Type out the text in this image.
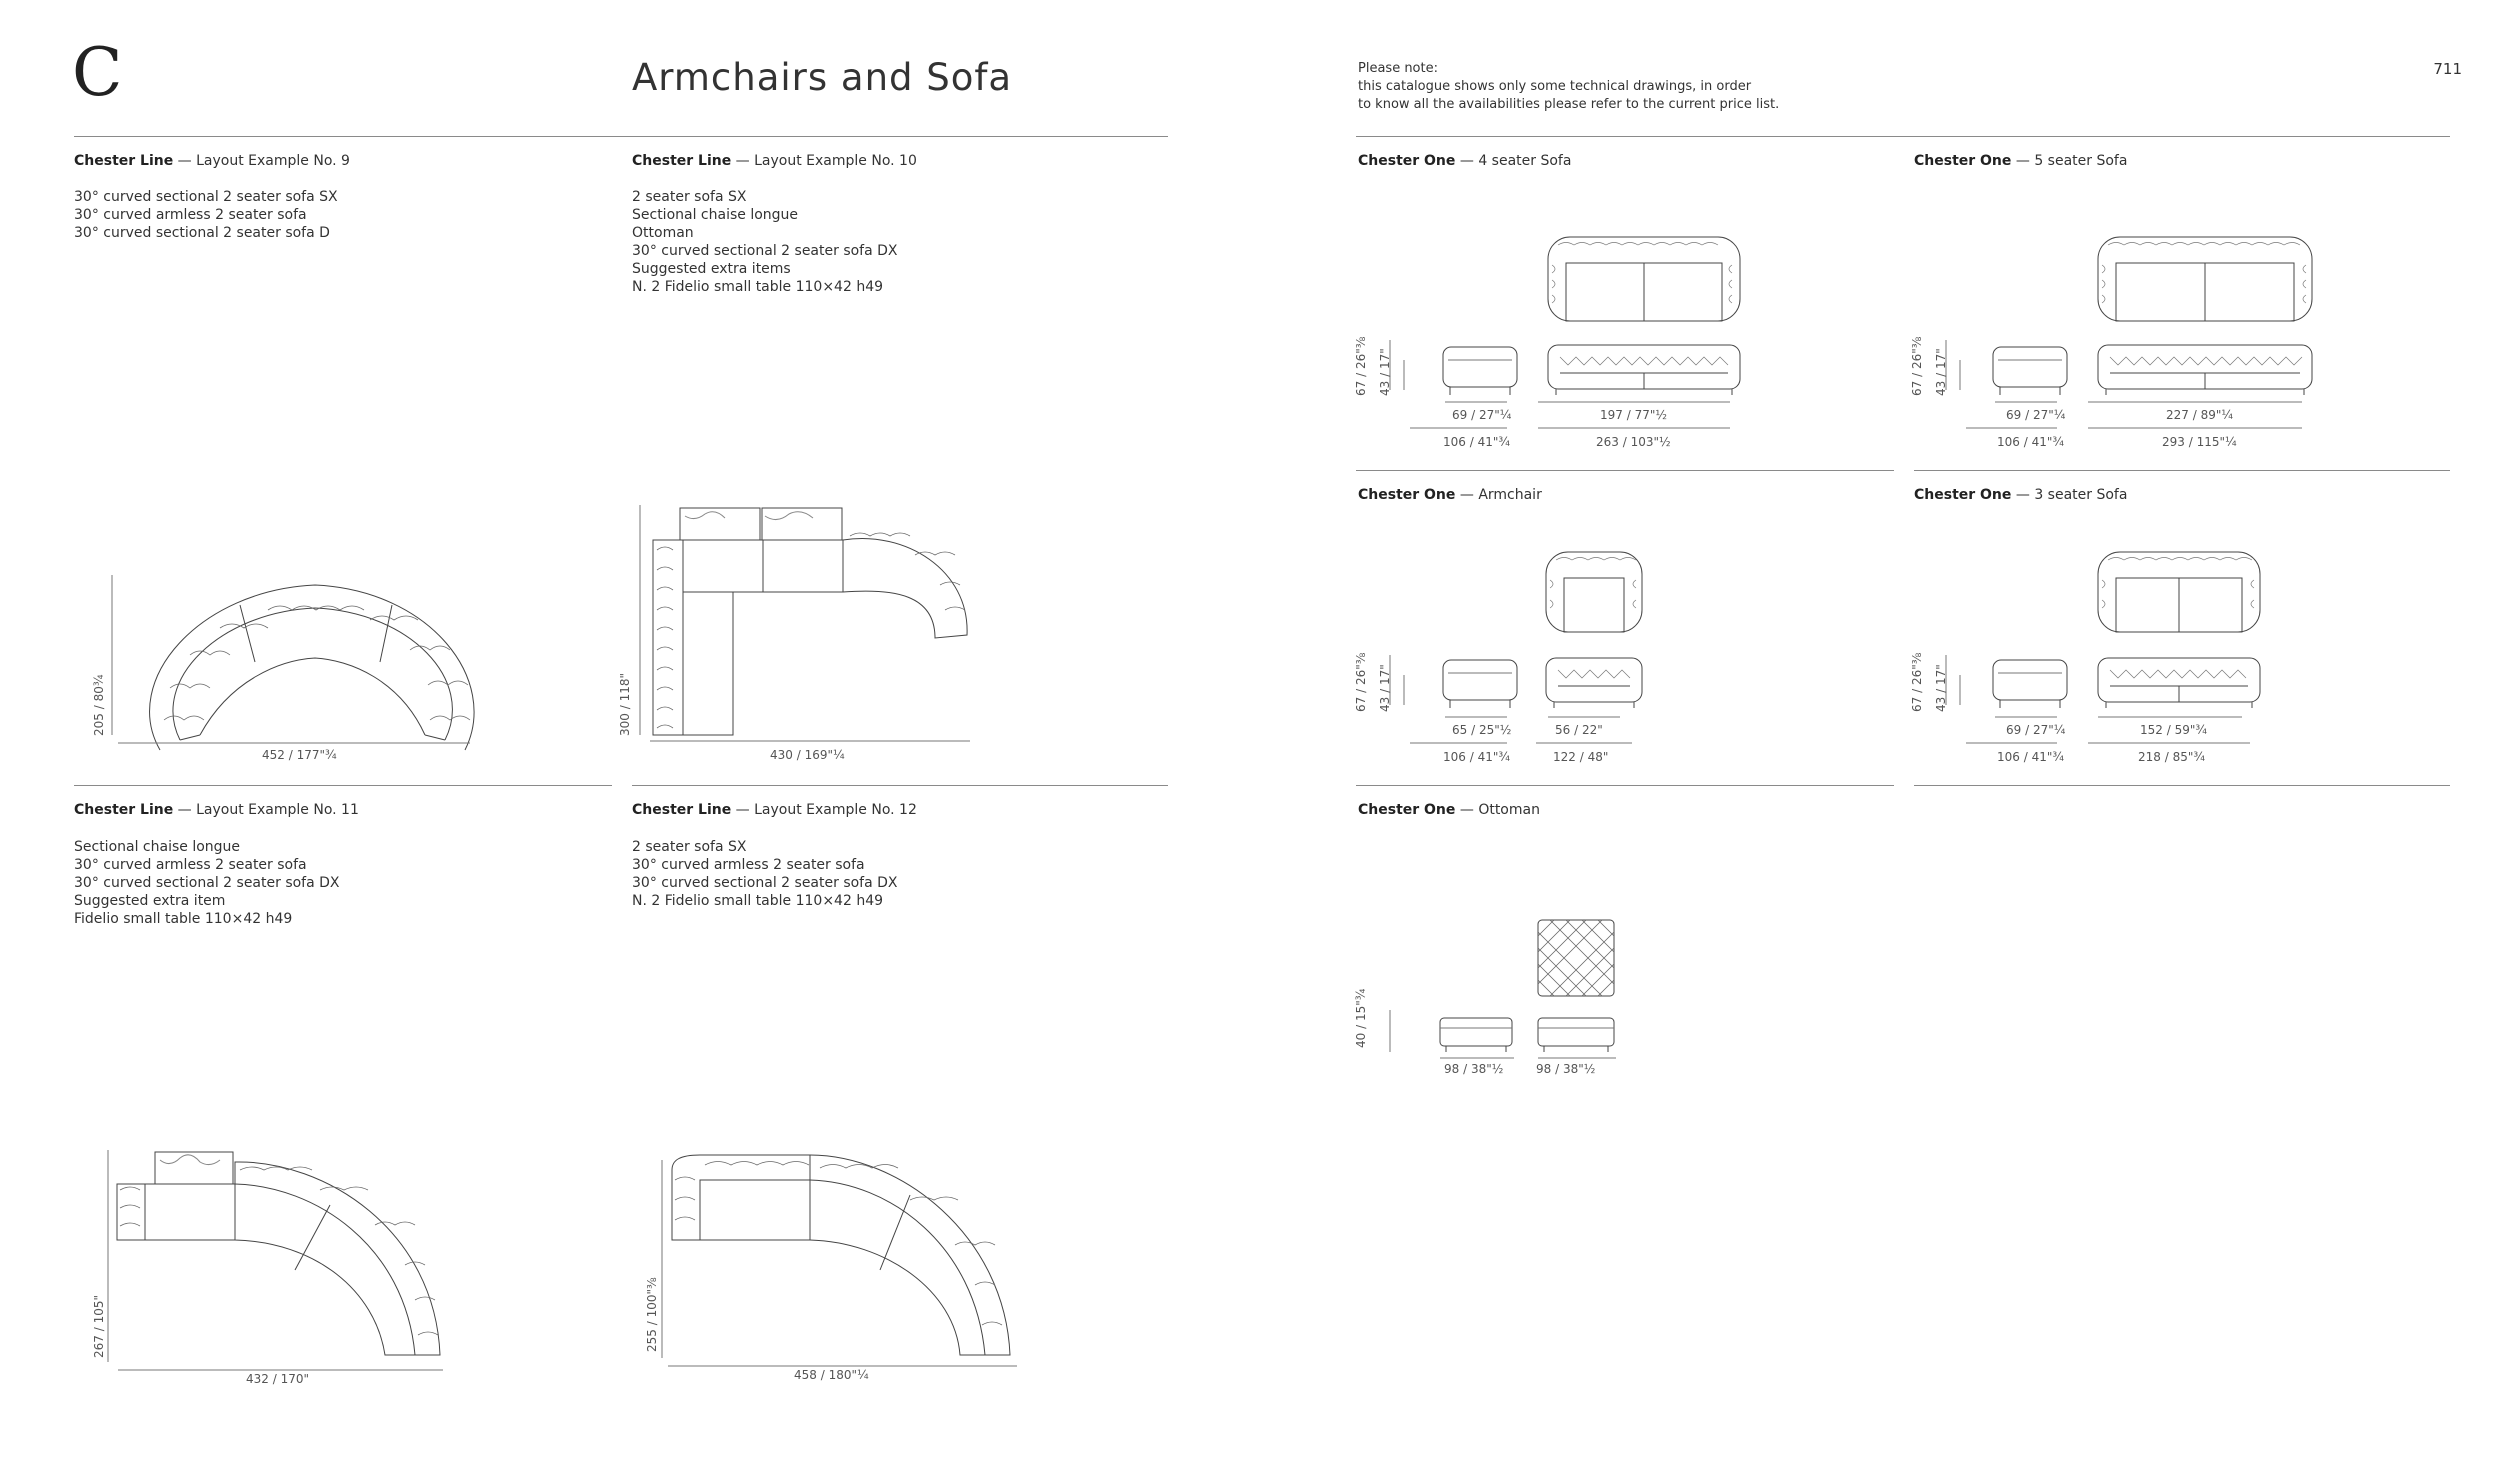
C	Armchairs and Sofa	711
Please note:
this catalogue shows only some technical drawings, in order
to know all the availabilities please refer to the current price list.
Chester Line — Layout Example No. 9
30° curved sectional 2 seater sofa SX
30° curved armless 2 seater sofa
30° curved sectional 2 seater sofa D
452 / 177"¾
205 / 80¾
Chester Line — Layout Example No. 10
2 seater sofa SX
Sectional chaise longue
Ottoman
30° curved sectional 2 seater sofa DX
Suggested extra items
N. 2 Fidelio small table 110×42 h49
430 / 169"¼
300 / 118"
Chester Line — Layout Example No. 11
Sectional chaise longue
30° curved armless 2 seater sofa
30° curved sectional 2 seater sofa DX
Suggested extra item
Fidelio small table 110×42 h49
432 / 170"
267 / 105"
Chester Line — Layout Example No. 12
2 seater sofa SX
30° curved armless 2 seater sofa
30° curved sectional 2 seater sofa DX
N. 2 Fidelio small table 110×42 h49
458 / 180"¼
255 / 100"⅜
Chester One — 4 seater Sofa
67 / 26"⅜ 43 / 17"
69 / 27"¼
106 / 41"¾
197 / 77"½
263 / 103"½
Chester One — 5 seater Sofa
67 / 26"⅜ 43 / 17"
69 / 27"¼
106 / 41"¾
227 / 89"¼
293 / 115"¼
Chester One — Armchair
67 / 26"⅜ 43 / 17"
65 / 25"½
106 / 41"¾
56 / 22"
122 / 48"
Chester One — 3 seater Sofa
67 / 26"⅜ 43 / 17"
69 / 27"¼
106 / 41"¾
152 / 59"¾
218 / 85"¾
Chester One — Ottoman
40 / 15"¾
98 / 38"½	98 / 38"½
